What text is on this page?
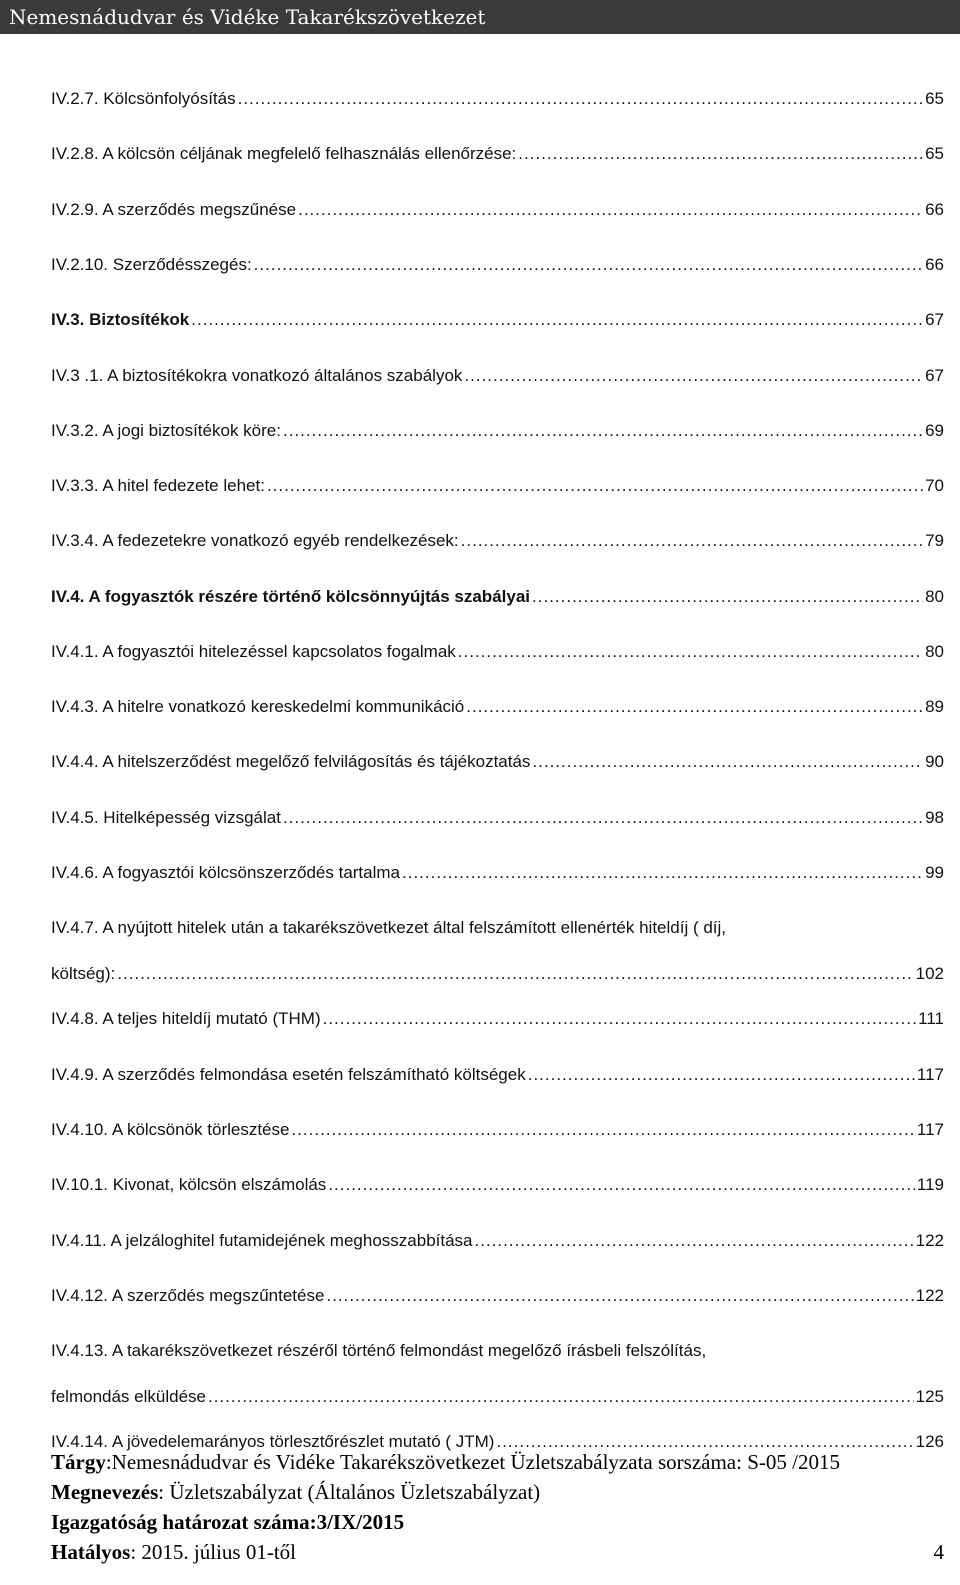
Nemesnádudvar és Vidéke Takarékszövetkezet
IV.2.7. Kölcsönfolyósítás .....	65
IV.2.8. A kölcsön céljának megfelelő felhasználás ellenőrzése: .....	65
IV.2.9. A szerződés megszűnése .....	66
IV.2.10. Szerződésszegés: .....	66
IV.3. Biztosítékok .....	67
IV.3 .1. A biztosítékokra vonatkozó általános szabályok .....	67
IV.3.2. A jogi biztosítékok köre: .....	69
IV.3.3. A hitel fedezete lehet: .....	70
IV.3.4. A fedezetekre vonatkozó egyéb rendelkezések: .....	79
IV.4. A fogyasztók részére történő kölcsönnyújtás szabályai .....	80
IV.4.1. A fogyasztói hitelezéssel kapcsolatos fogalmak .....	80
IV.4.3. A hitelre vonatkozó kereskedelmi kommunikáció .....	89
IV.4.4. A hitelszerződést megelőző felvilágosítás és tájékoztatás .....	90
IV.4.5. Hitelképesség vizsgálat .....	98
IV.4.6. A fogyasztói kölcsönszerződés tartalma .....	99
IV.4.7. A nyújtott hitelek után a takarékszövetkezet által felszámított ellenérték hiteldíj ( díj,
költség): .....	102
IV.4.8. A teljes hiteldíj mutató (THM) .....	111
IV.4.9. A szerződés felmondása esetén felszámítható költségek .....	117
IV.4.10. A kölcsönök törlesztése .....	117
IV.10.1. Kivonat, kölcsön elszámolás .....	119
IV.4.11. A jelzáloghitel futamidejének meghosszabbítása .....	122
IV.4.12. A szerződés megszűntetése .....	122
IV.4.13. A takarékszövetkezet részéről történő felmondást megelőző írásbeli felszólítás,
felmondás elküldése .....	125
IV.4.14. A jövedelemarányos törlesztőrészlet mutató ( JTM) .....	126
Tárgy:Nemesnádudvar és Vidéke Takarékszövetkezet Üzletszabályzata sorszáma: S-05 /2015
Megnevezés: Üzletszabályzat (Általános Üzletszabályzat)
Igazgatóság határozat száma:3/IX/2015
Hatályos: 2015. július 01-től	4
